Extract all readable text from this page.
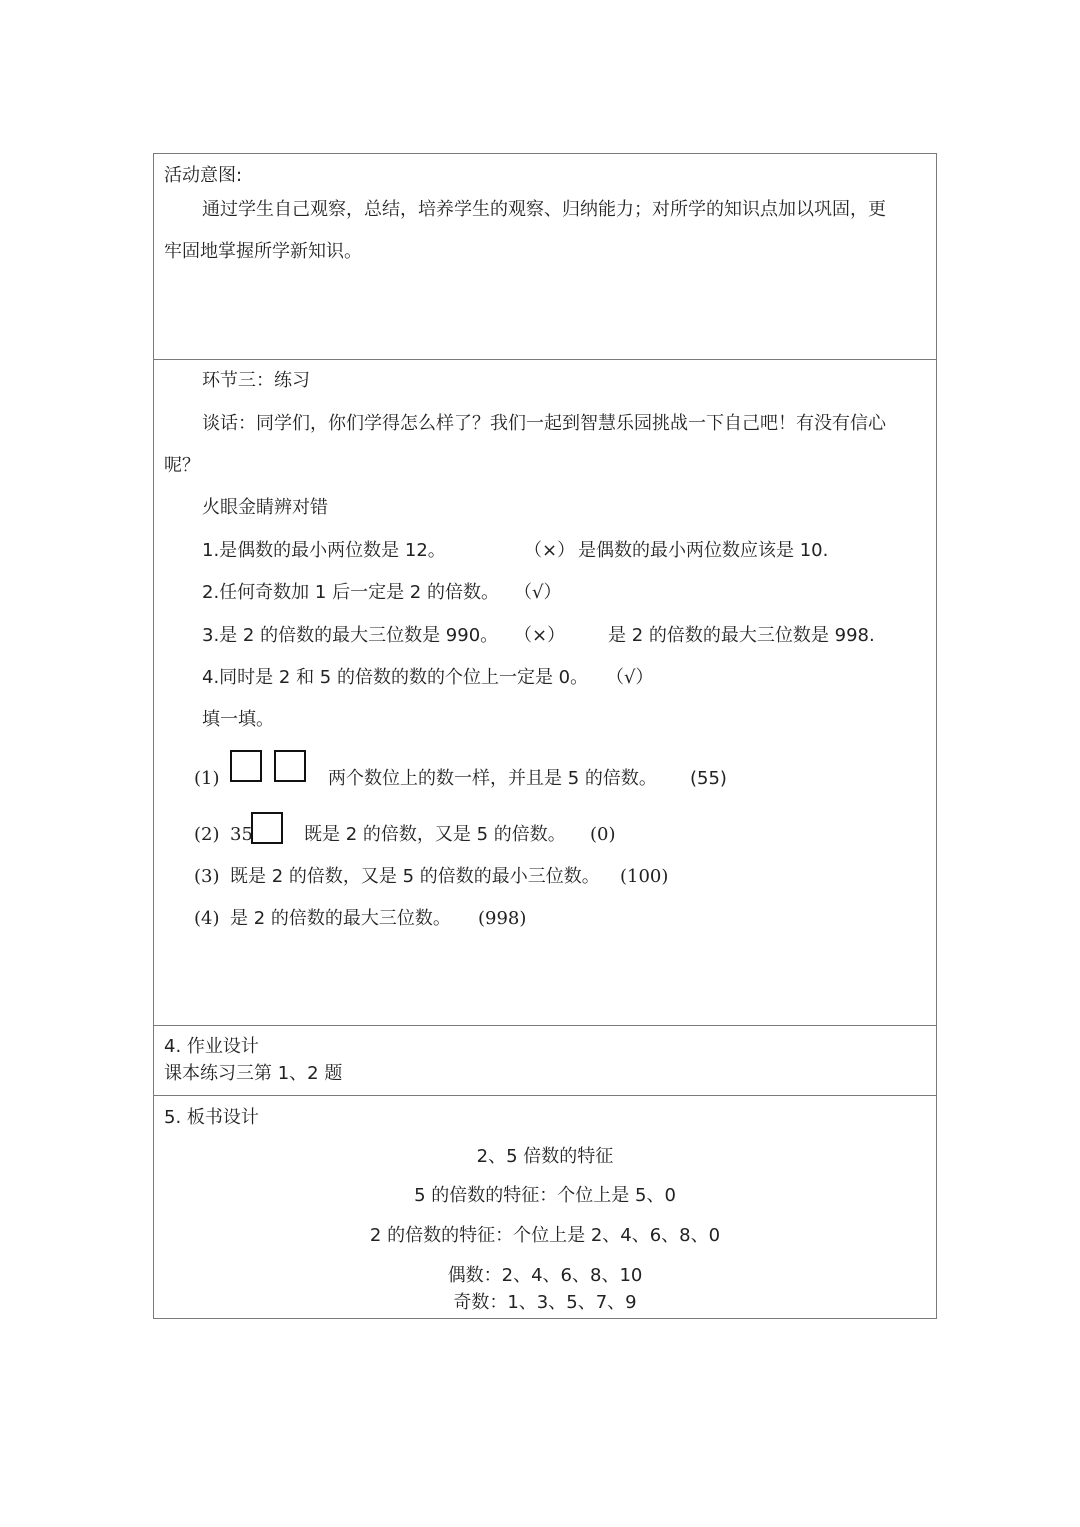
活动意图:
通过学生自己观察，总结，培养学生的观察、归纳能力；对所学的知识点加以巩固，更
牢固地掌握所学新知识。
环节三：练习
谈话：同学们，你们学得怎么样了？我们一起到智慧乐园挑战一下自己吧！有没有信心
呢？
火眼金睛辨对错
1.是偶数的最小两位数是 12。	（×） 是偶数的最小两位数应该是 10.
2.任何奇数加 1 后一定是 2 的倍数。 （√）
3.是 2 的倍数的最大三位数是 990。 （×） 是 2 的倍数的最大三位数是 998.
4.同时是 2 和 5 的倍数的数的个位上一定是 0。 （√）
填一填。
(1)	两个数位上的数一样，并且是 5 的倍数。 (55)
(2) 35	既是 2 的倍数，又是 5 的倍数。 (0)
(3) 既是 2 的倍数，又是 5 的倍数的最小三位数。 (100)
(4) 是 2 的倍数的最大三位数。 (998)
4. 作业设计
课本练习三第 1、2 题
5. 板书设计
2、5 倍数的特征
5 的倍数的特征：个位上是 5、0
2 的倍数的特征：个位上是 2、4、6、8、0
偶数：2、4、6、8、10
奇数：1、3、5、7、9
